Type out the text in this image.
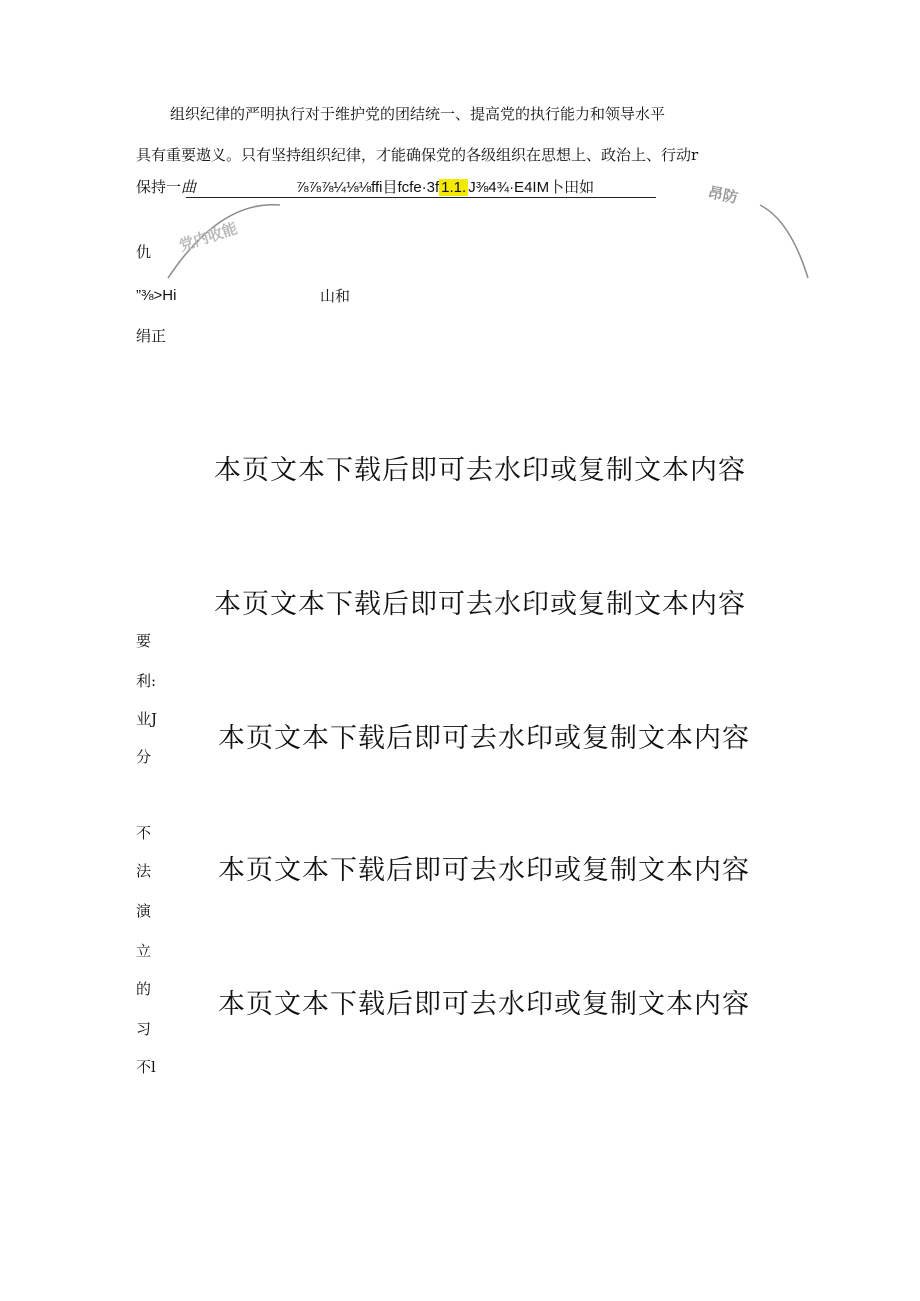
组织纪律的严明执行对于维护党的团结统一、提高党的执行能力和领导水平
具有重要遨义。只有坚持组织纪律，才能确保党的各级组织在思想上、政治上、行动r
保持一曲	⅞⅞⅞¼⅛⅛ffi目fcfe·3f 1.1. J⅜4¾·E4IM卜田如	昂防
党内收能
仇
”⅜>Hi	山和
绢正
本页文本下载后即可去水印或复制文本内容
本页文本下载后即可去水印或复制文本内容
本页文本下载后即可去水印或复制文本内容
本页文本下载后即可去水印或复制文本内容
本页文本下载后即可去水印或复制文本内容
要
利:
业J
分
不
法
演
立
的
习
不l
